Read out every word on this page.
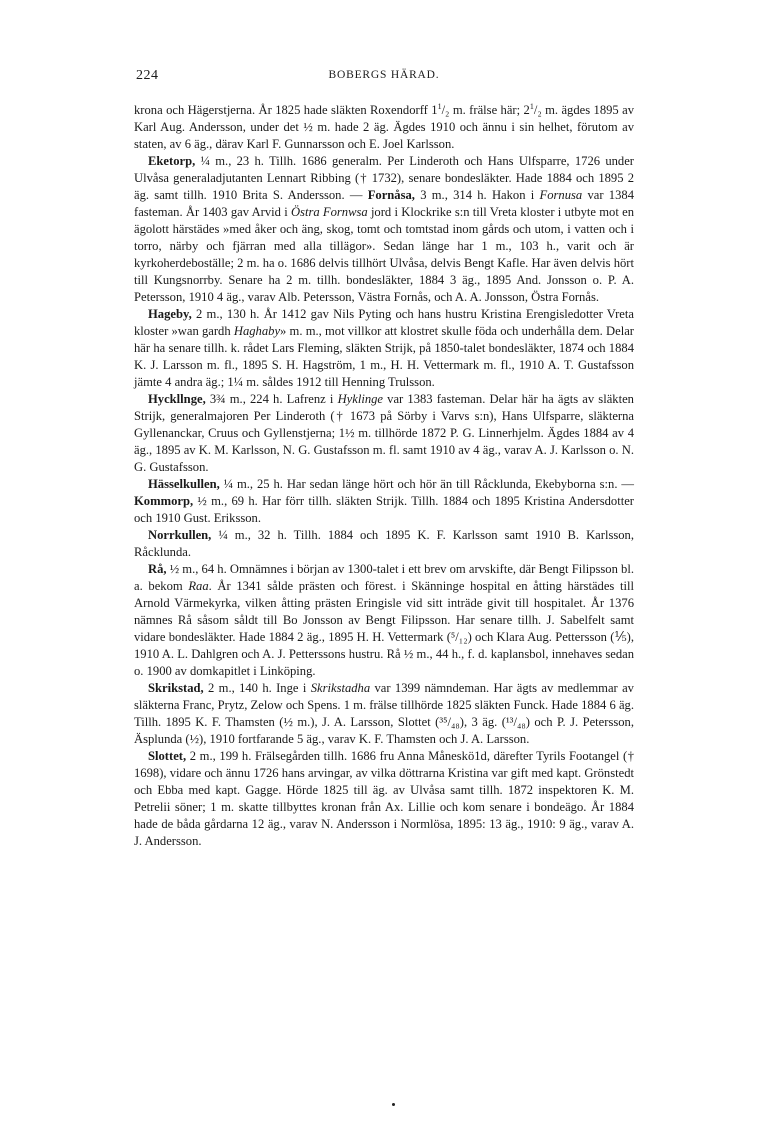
224	BOBERGS HÄRAD.

krona och Hägerstjerna. År 1825 hade släkten Roxendorff $1^1/_2$ m. frälse här; $2^1/_2$ m. ägdes 1895 av Karl Aug. Andersson, under det ½ m. hade 2 äg. Ägdes 1910 och ännu i sin helhet, förutom av staten, av 6 äg., därav Karl F. Gunnarsson och E. Joel Karlsson.

Eketorp, ¼ m., 23 h. Tillh. 1686 generalm. Per Linderoth och Hans Ulfsparre, 1726 under Ulvåsa generaladjutanten Lennart Ribbing († 1732), senare bondesläkter. Hade 1884 och 1895 2 äg. samt tillh. 1910 Brita S. Andersson. — Fornåsa, 3 m., 314 h. Hakon i Fornusa var 1384 fasteman. År 1403 gav Arvid i Östra Fornwsa jord i Klockrike s:n till Vreta kloster i utbyte mot en ägolott härstädes »med åker och äng, skog, tomt och tomtstad inom gårds och utom, i vatten och i torro, närby och fjärran med alla tillägor». Sedan länge har 1 m., 103 h., varit och är kyrkoherdeboställe; 2 m. ha o. 1686 delvis tillhört Ulvåsa, delvis Bengt Kafle. Har även delvis hört till Kungsnorrby. Senare ha 2 m. tillh. bondesläkter, 1884 3 äg., 1895 And. Jonsson o. P. A. Petersson, 1910 4 äg., varav Alb. Petersson, Västra Fornås, och A. A. Jonsson, Östra Fornås.

Hageby, 2 m., 130 h. År 1412 gav Nils Pyting och hans hustru Kristina Erengisledotter Vreta kloster »wan gardh Haghaby» m. m., mot villkor att klostret skulle föda och underhålla dem. Delar här ha senare tillh. k. rådet Lars Fleming, släkten Strijk, på 1850-talet bondesläkter, 1874 och 1884 K. J. Larsson m. fl., 1895 S. H. Hagström, 1 m., H. H. Vettermark m. fl., 1910 A. T. Gustafsson jämte 4 andra äg.; 1¼ m. såldes 1912 till Henning Trulsson.

Hyckllnge, 3¾ m., 224 h. Lafrenz i Hyklinge var 1383 fasteman. Delar här ha ägts av släkten Strijk, generalmajoren Per Linderoth († 1673 på Sörby i Varvs s:n), Hans Ulfsparre, släkterna Gyllenanckar, Cruus och Gyllenstjerna; 1½ m. tillhörde 1872 P. G. Linnerhjelm. Ägdes 1884 av 4 äg., 1895 av K. M. Karlsson, N. G. Gustafsson m. fl. samt 1910 av 4 äg., varav A. J. Karlsson o. N. G. Gustafsson.

Hässelkullen, ¼ m., 25 h. Har sedan länge hört och hör än till Råcklunda, Ekebyborna s:n. — Kommorp, ½ m., 69 h. Har förr tillh. släkten Strijk. Tillh. 1884 och 1895 Kristina Andersdotter och 1910 Gust. Eriksson.

Norrkullen, ¼ m., 32 h. Tillh. 1884 och 1895 K. F. Karlsson samt 1910 B. Karlsson, Råcklunda.

Rå, ½ m., 64 h. Omnämnes i början av 1300-talet i ett brev om arvskifte, där Bengt Filipsson bl. a. bekom Raa. År 1341 sålde prästen och förest. i Skänninge hospital en åtting härstädes till Arnold Värmekyrka, vilken åtting prästen Eringisle vid sitt inträde givit till hospitalet. År 1376 nämnes Rå såsom såldt till Bo Jonsson av Bengt Filipsson. Har senare tillh. J. Sabelfelt samt vidare bondesläkter. Hade 1884 2 äg., 1895 H. H. Vettermark (⁵/₁₂) och Klara Aug. Pettersson (⅕), 1910 A. L. Dahlgren och A. J. Petterssons hustru. Rå ½ m., 44 h., f. d. kaplansbol, innehaves sedan o. 1900 av domkapitlet i Linköping.

Skrikstad, 2 m., 140 h. Inge i Skrikstadha var 1399 nämndeman. Har ägts av medlemmar av släkterna Franc, Prytz, Zelow och Spens. 1 m. frälse tillhörde 1825 släkten Funck. Hade 1884 6 äg. Tillh. 1895 K. F. Thamsten (½ m.), J. A. Larsson, Slottet (³⁵/₄₈), 3 äg. (¹³/₄₈) och P. J. Petersson, Äsplunda (½), 1910 fortfarande 5 äg., varav K. F. Thamsten och J. A. Larsson.

Slottet, 2 m., 199 h. Frälsegården tillh. 1686 fru Anna Måneskö1d, därefter Tyrils Footangel († 1698), vidare och ännu 1726 hans arvingar, av vilka döttrarna Kristina var gift med kapt. Grönstedt och Ebba med kapt. Gagge. Hörde 1825 till äg. av Ulvåsa samt tillh. 1872 inspektoren K. M. Petrelii söner; 1 m. skatte tillbyttes kronan från Ax. Lillie och kom senare i bondeägo. År 1884 hade de båda gårdarna 12 äg., varav N. Andersson i Normlösa, 1895: 13 äg., 1910: 9 äg., varav A. J. Andersson.
